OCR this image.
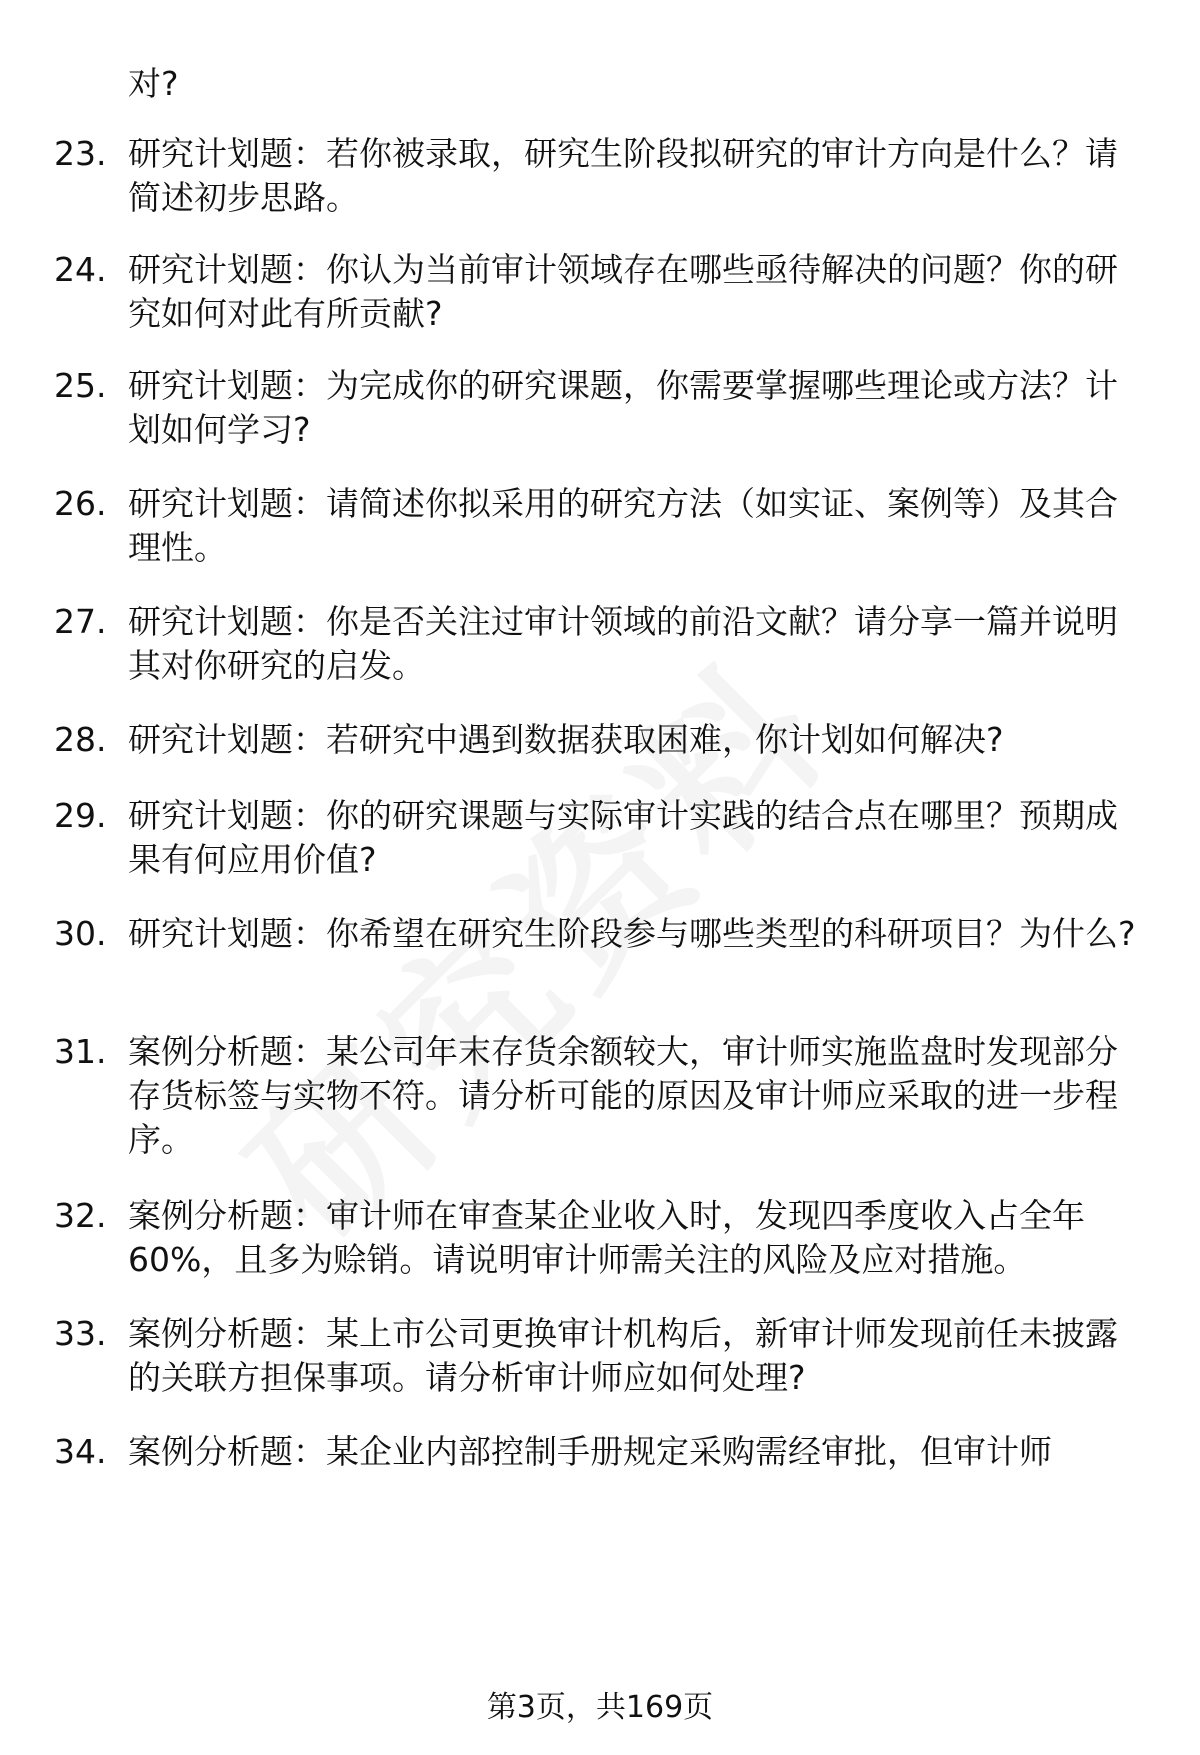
对?
23. 研究计划题：若你被录取，研究生阶段拟研究的审计方向是什么？请简述初步思路。
24. 研究计划题：你认为当前审计领域存在哪些亟待解决的问题？你的研究如何对此有所贡献?
25. 研究计划题：为完成你的研究课题，你需要掌握哪些理论或方法？计划如何学习?
26. 研究计划题：请简述你拟采用的研究方法（如实证、案例等）及其合理性。
27. 研究计划题：你是否关注过审计领域的前沿文献？请分享一篇并说明其对你研究的启发。
28. 研究计划题：若研究中遇到数据获取困难，你计划如何解决?
29. 研究计划题：你的研究课题与实际审计实践的结合点在哪里？预期成果有何应用价值?
30. 研究计划题：你希望在研究生阶段参与哪些类型的科研项目？为什么?
31. 案例分析题：某公司年末存货余额较大，审计师实施监盘时发现部分存货标签与实物不符。请分析可能的原因及审计师应采取的进一步程序。
32. 案例分析题：审计师在审查某企业收入时，发现四季度收入占全年60%，且多为赊销。请说明审计师需关注的风险及应对措施。
33. 案例分析题：某上市公司更换审计机构后，新审计师发现前任未披露的关联方担保事项。请分析审计师应如何处理?
34. 案例分析题：某企业内部控制手册规定采购需经审批，但审计师
第3页，共169页
